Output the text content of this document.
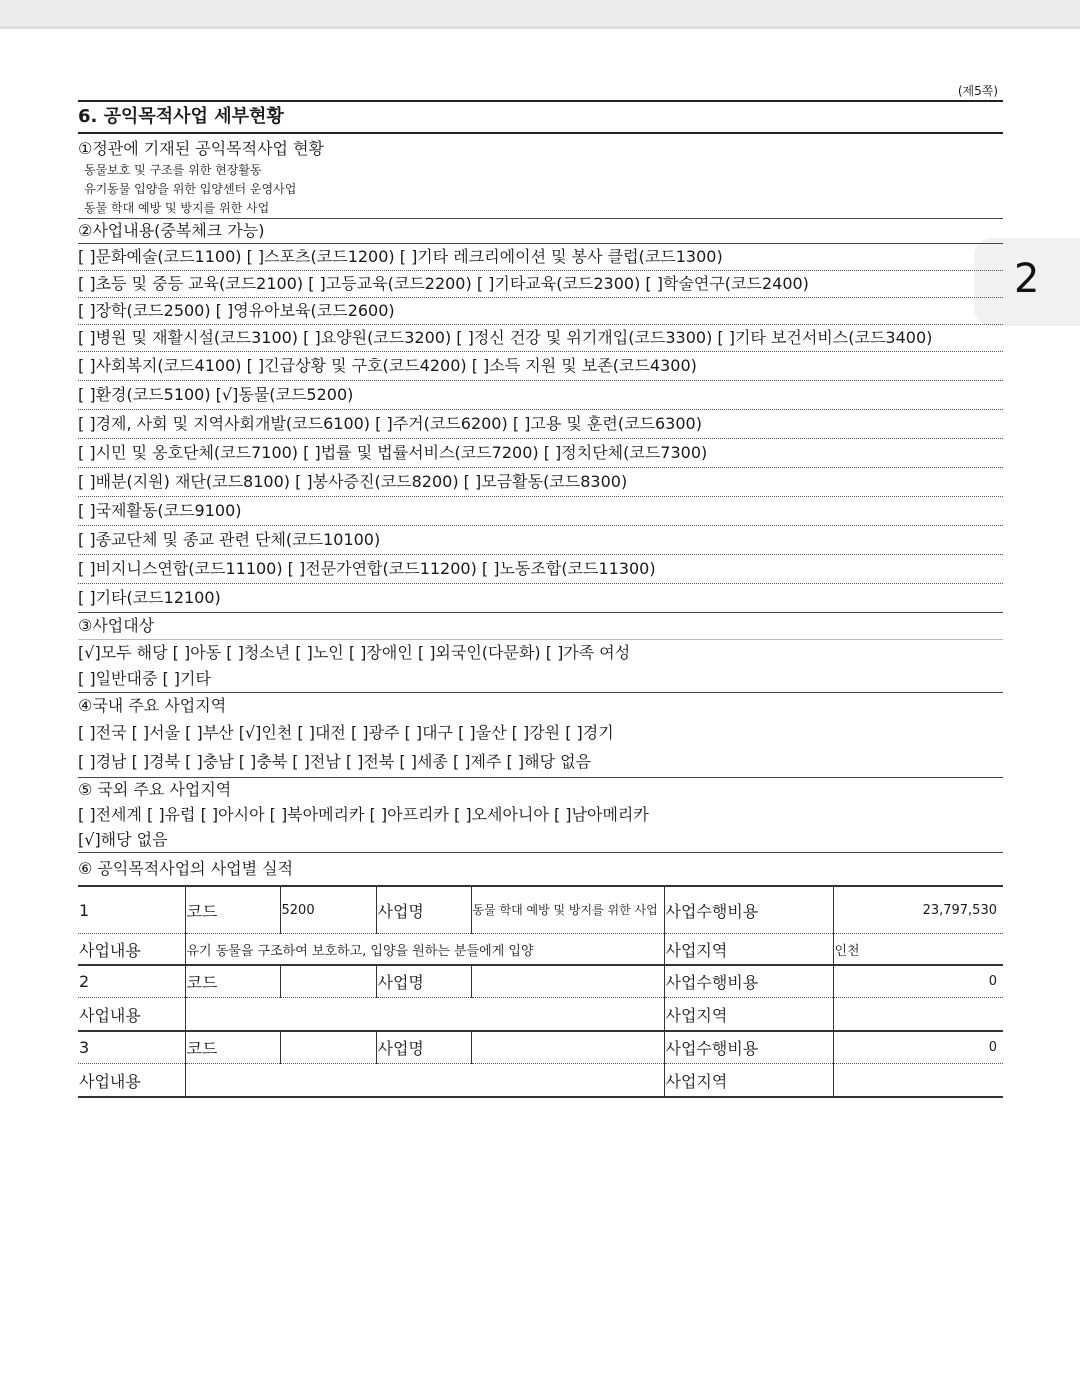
2
(제5쪽)
6. 공익목적사업 세부현황
①정관에 기재된 공익목적사업 현황
동물보호 및 구조를 위한 현장활동
유기동물 입양을 위한 입양센터 운영사업
동물 학대 예방 및 방지를 위한 사업
②사업내용(중복체크 가능)
[ ]문화예술(코드1100) [ ]스포츠(코드1200) [ ]기타 레크리에이션 및 봉사 클럽(코드1300)
[ ]초등 및 중등 교육(코드2100) [ ]고등교육(코드2200) [ ]기타교육(코드2300) [ ]학술연구(코드2400)
[ ]장학(코드2500) [ ]영유아보육(코드2600)
[ ]병원 및 재활시설(코드3100) [ ]요양원(코드3200) [ ]정신 건강 및 위기개입(코드3300) [ ]기타 보건서비스(코드3400)
[ ]사회복지(코드4100) [ ]긴급상황 및 구호(코드4200) [ ]소득 지원 및 보존(코드4300)
[ ]환경(코드5100) [√]동물(코드5200)
[ ]경제, 사회 및 지역사회개발(코드6100) [ ]주거(코드6200) [ ]고용 및 훈련(코드6300)
[ ]시민 및 옹호단체(코드7100) [ ]법률 및 법률서비스(코드7200) [ ]정치단체(코드7300)
[ ]배분(지원) 재단(코드8100) [ ]봉사증진(코드8200) [ ]모금활동(코드8300)
[ ]국제활동(코드9100)
[ ]종교단체 및 종교 관련 단체(코드10100)
[ ]비지니스연합(코드11100) [ ]전문가연합(코드11200) [ ]노동조합(코드11300)
[ ]기타(코드12100)
③사업대상
[√]모두 해당 [ ]아동 [ ]청소년 [ ]노인 [ ]장애인 [ ]외국인(다문화) [ ]가족 여성
[ ]일반대중 [ ]기타
④국내 주요 사업지역
[ ]전국 [ ]서울 [ ]부산 [√]인천 [ ]대전 [ ]광주 [ ]대구 [ ]울산 [ ]강원 [ ]경기
[ ]경남 [ ]경북 [ ]충남 [ ]충북 [ ]전남 [ ]전북 [ ]세종 [ ]제주 [ ]해당 없음
⑤ 국외 주요 사업지역
[ ]전세계 [ ]유럽 [ ]아시아 [ ]북아메리카 [ ]아프리카 [ ]오세아니아 [ ]남아메리카
[√]해당 없음
⑥ 공익목적사업의 사업별 실적
1	코드	5200	사업명	동물 학대 예방 및 방지를 위한 사업	사업수행비용	23,797,530
사업내용	유기 동물을 구조하여 보호하고, 입양을 원하는 분들에게 입양				사업지역	인천
2	코드		사업명		사업수행비용	0
사업내용					사업지역	
3	코드		사업명		사업수행비용	0
사업내용					사업지역	
